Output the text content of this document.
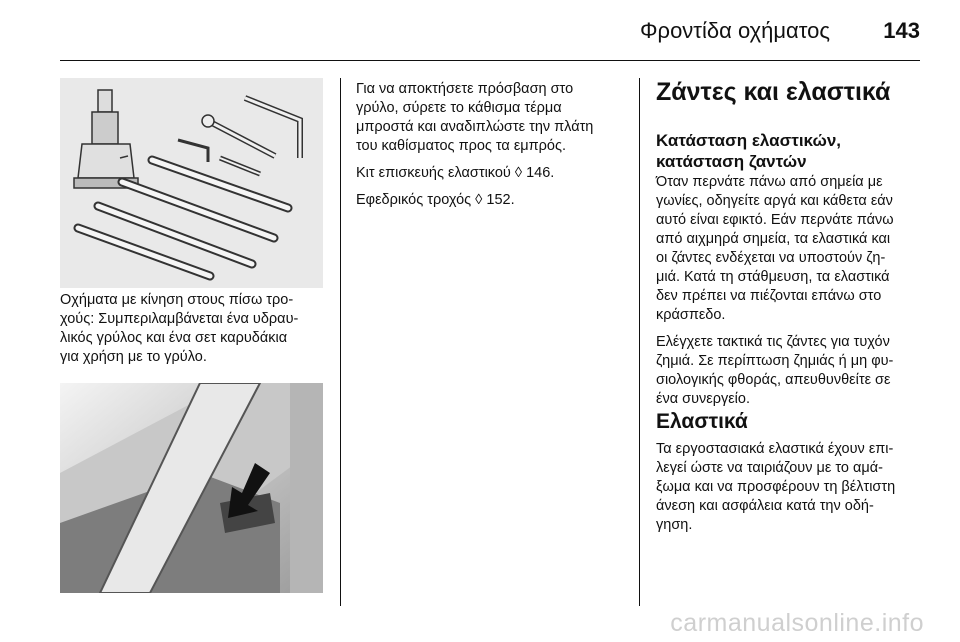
Φροντίδα οχήματος 143

Οχήματα με κίνηση στους πίσω τρο-

χούς: Συμπεριλαμβάνεται ένα υδραυ-

λικός γρύλος και ένα σετ καρυδάκια

για χρήση με το γρύλο.

Για να αποκτήσετε πρόσβαση στο
γρύλο, σύρετε το κάθισμα τέρμα
μπροστά και αναδιπλώστε την πλάτη
του καθίσματος προς τα εμπρός.

Κιτ επισκευής ελαστικού ◊ 146.

Εφεδρικός τροχός ◊ 152.

Ζάντες και ελαστικά
Κατάσταση ελαστικών,
κατάσταση ζαντών

Όταν περνάτε πάνω από σημεία με
γωνίες, οδηγείτε αργά και κάθετα εάν
αυτό είναι εφικτό. Εάν περνάτε πάνω
από αιχμηρά σημεία, τα ελαστικά και
οι ζάντες ενδέχεται να υποστούν ζη-
μιά. Κατά τη στάθμευση, τα ελαστικά
δεν πρέπει να πιέζονται επάνω στο
κράσπεδο.

Ελέγχετε τακτικά τις ζάντες για τυχόν
ζημιά. Σε περίπτωση ζημιάς ή μη φυ-
σιολογικής φθοράς, απευθυνθείτε σε
ένα συνεργείο.

Ελαστικά
Τα εργοστασιακά ελαστικά έχουν επι-
λεγεί ώστε να ταιριάζουν με το αμά-
ξωμα και να προσφέρουν τη βέλτιστη
άνεση και ασφάλεια κατά την οδή-
γηση.
carmanualsonline.info
